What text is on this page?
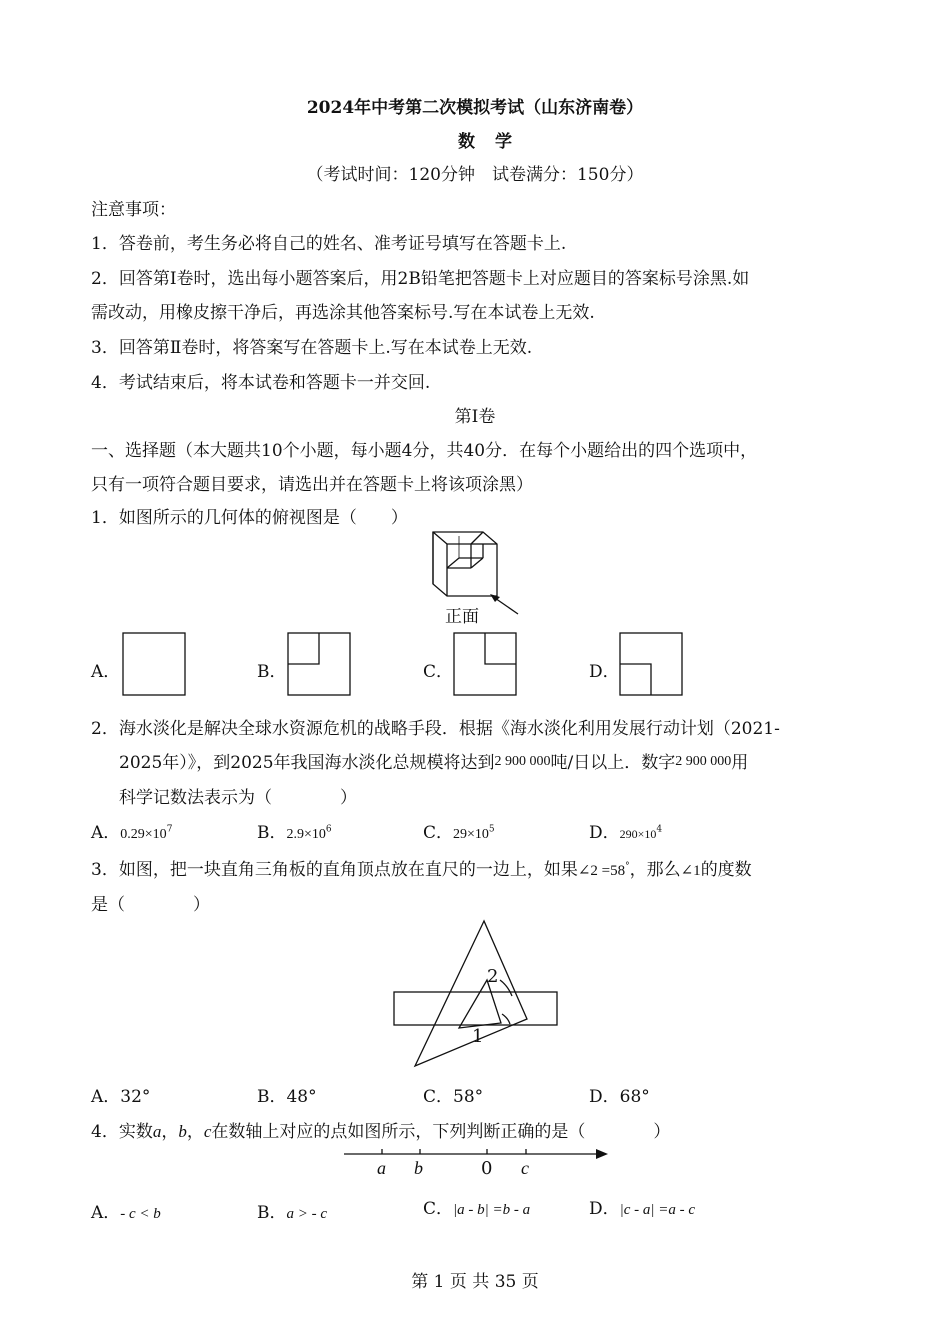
2024年中考第二次模拟考试（山东济南卷）
数学
（考试时间：120分钟　试卷满分：150分）
注意事项：
1．答卷前，考生务必将自己的姓名、准考证号填写在答题卡上.
2．回答第Ⅰ卷时，选出每小题答案后，用2B铅笔把答题卡上对应题目的答案标号涂黑.如
需改动，用橡皮擦干净后，再选涂其他答案标号.写在本试卷上无效.
3．回答第Ⅱ卷时，将答案写在答题卡上.写在本试卷上无效.
4．考试结束后，将本试卷和答题卡一并交回.
第Ⅰ卷
一、选择题（本大题共10个小题，每小题4分，共40分．在每个小题给出的四个选项中，
只有一项符合题目要求，请选出并在答题卡上将该项涂黑）
1．如图所示的几何体的俯视图是（　　）
正面
A．	B．	C．	D．
2．海水淡化是解决全球水资源危机的战略手段．根据《海水淡化利用发展行动计划（2021-
2025年）》，到2025年我国海水淡化总规模将达到2 900 000吨/日以上．数字2 900 000用
科学记数法表示为（　　　　）
A．$0.29\times 10^7$	B．$2.9\times 10^6$	C．$29\times 10^5$	D．$290\times 10^4$
3．如图，把一块直角三角板的直角顶点放在直尺的一边上，如果∠2 =58°，那么∠1的度数
是（　　　　）
2
1
A．32°	B．48°	C．58°	D．68°
4．实数a，b，c在数轴上对应的点如图所示，下列判断正确的是（　　　　）
a b	0 c
A．- c < b	B．a > - c	C．|a - b| =b - a	D．|c - a| =a - c
第 1 页 共 35 页
